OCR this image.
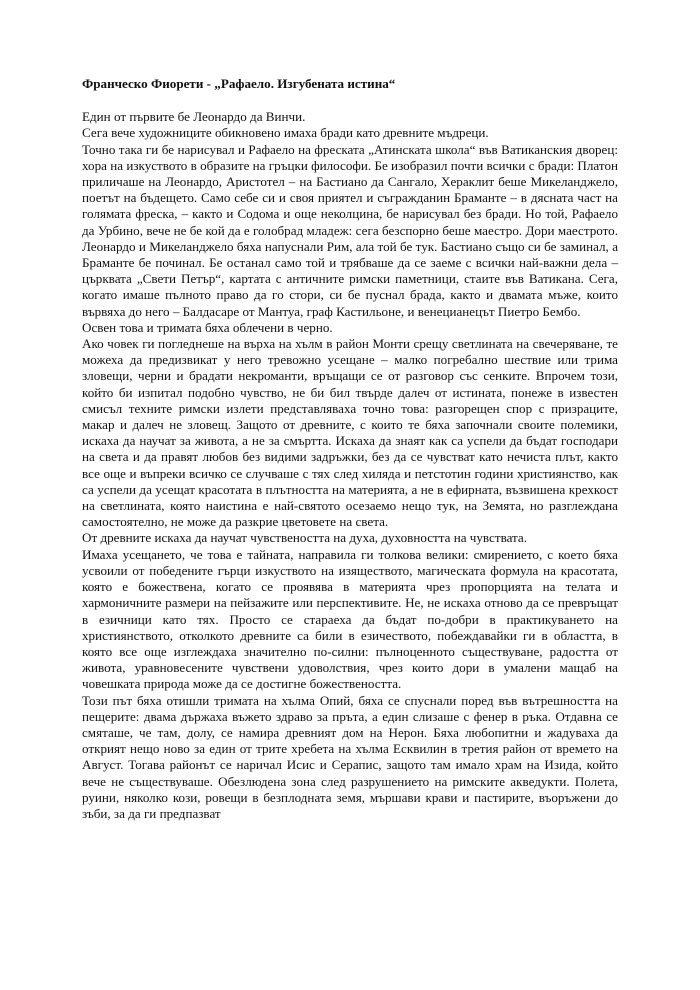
Франческо Фиорети - „Рафаело. Изгубената истина“

Един от първите бе Леонардо да Винчи.

Сега вече художниците обикновено имаха бради като древните мъдреци.

Точно така ги бе нарисувал и Рафаело на фреската „Атинската школа“ във Ватиканския дворец: хора на изкуството в образите на гръцки философи. Бе изобразил почти всички с бради: Платон приличаше на Леонардо, Аристотел – на Бастиано да Сангало, Хераклит беше Микеланджело, поетът на бъдещето. Само себе си и своя приятел и съгражданин Браманте – в дясната част на голямата фреска, – както и Содома и още неколцина, бе нарисувал без бради. Но той, Рафаело да Урбино, вече не бе кой да е голобрад младеж: сега безспорно беше маестро. Дори маестрото. Леонардо и Микеланджело бяха напуснали Рим, ала той бе тук. Бастиано също си бе заминал, а Браманте бе починал. Бе останал само той и трябваше да се заеме с всички най-важни дела – църквата „Свети Петър“, картата с античните римски паметници, стаите във Ватикана. Сега, когато имаше пълното право да го стори, си бе пуснал брада, както и двамата мъже, които вървяха до него – Балдасаре от Мантуа, граф Кастильоне, и венецианецът Пиетро Бембо.

Освен това и тримата бяха облечени в черно.

Ако човек ги погледнеше на върха на хълм в район Монти срещу светлината на свечеряване, те можеха да предизвикат у него тревожно усещане – малко погребално шествие или трима зловещи, черни и брадати некроманти, връщащи се от разговор със сенките. Впрочем този, който би изпитал подобно чувство, не би бил твърде далеч от истината, понеже в известен смисъл техните римски излети представляваха точно това: разгорещен спор с призраците, макар и далеч не зловещ. Защото от древните, с които те бяха започнали своите полемики, искаха да научат за живота, а не за смъртта. Искаха да знаят как са успели да бъдат господари на света и да правят любов без видими задръжки, без да се чувстват като нечиста плът, както все още и въпреки всичко се случваше с тях след хиляда и петстотин години християнство, как са успели да усещат красотата в плътността на материята, а не в ефирната, възвишена крехкост на светлината, която наистина е най-святото осезаемо нещо тук, на Земята, но разглеждана самостоятелно, не може да разкрие цветовете на света.

От древните искаха да научат чувствеността на духа, духовността на чувствата.

Имаха усещането, че това е тайната, направила ги толкова велики: смирението, с което бяха усвоили от победените гърци изкуството на изяществото, магическата формула на красотата, която е божествена, когато се проявява в материята чрез пропорцията на телата и хармоничните размери на пейзажите или перспективите. Не, не искаха отново да се превръщат в езичници като тях. Просто се стараеха да бъдат по-добри в практикуването на християнството, отколкото древните са били в езичеството, побеждавайки ги в областта, в която все още изглеждаха значително по-силни: пълноценното съществуване, радостта от живота, уравновесените чувствени удоволствия, чрез които дори в умалени мащаб на човешката природа може да се достигне божествеността.

Този път бяха отишли тримата на хълма Опий, бяха се спуснали поред във вътрешността на пещерите: двама държаха въжето здраво за пръта, а един слизаше с фенер в ръка. Отдавна се смяташе, че там, долу, се намира древният дом на Нерон. Бяха любопитни и жадуваха да открият нещо ново за един от трите хребета на хълма Есквилин в третия район от времето на Август. Тогава районът се наричал Исис и Серапис, защото там имало храм на Изида, който вече не съществуваше. Обезлюдена зона след разрушението на римските акведукти. Полета, руини, няколко кози, ровещи в безплодната земя, мършави крави и пастирите, въоръжени до зъби, за да ги предпазват
